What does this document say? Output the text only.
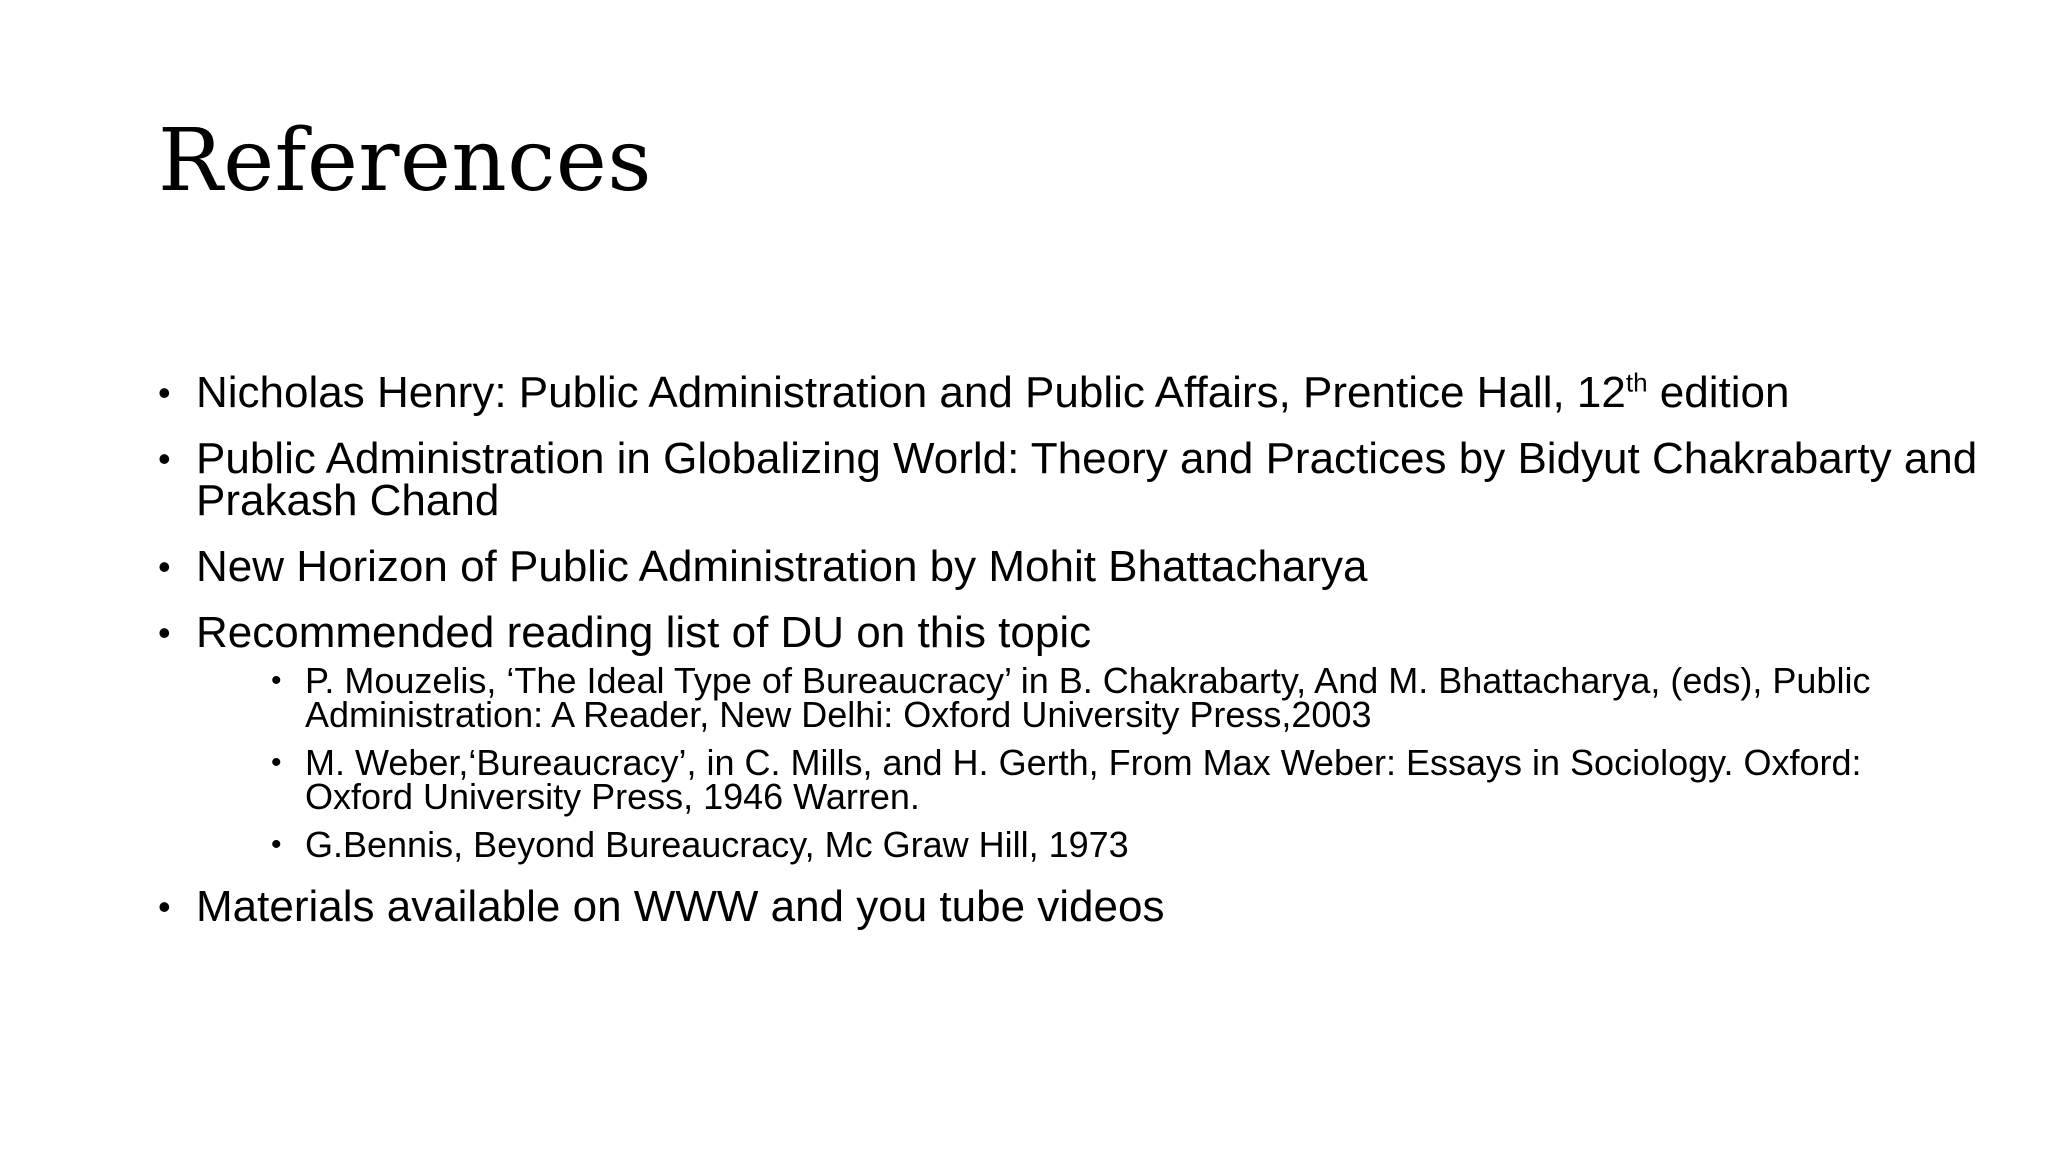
References
• Nicholas Henry: Public Administration and Public Affairs, Prentice Hall, 12th edition
• Public Administration in Globalizing World: Theory and Practices by Bidyut Chakrabarty and Prakash Chand
• New Horizon of Public Administration by Mohit Bhattacharya
• Recommended reading list of DU on this topic
• P. Mouzelis, ‘The Ideal Type of Bureaucracy’ in B. Chakrabarty, And M. Bhattacharya, (eds), Public Administration: A Reader, New Delhi: Oxford University Press,2003
• M. Weber,‘Bureaucracy’, in C. Mills, and H. Gerth, From Max Weber: Essays in Sociology. Oxford: Oxford University Press, 1946 Warren.
• G.Bennis, Beyond Bureaucracy, Mc Graw Hill, 1973
• Materials available on WWW and you tube videos
